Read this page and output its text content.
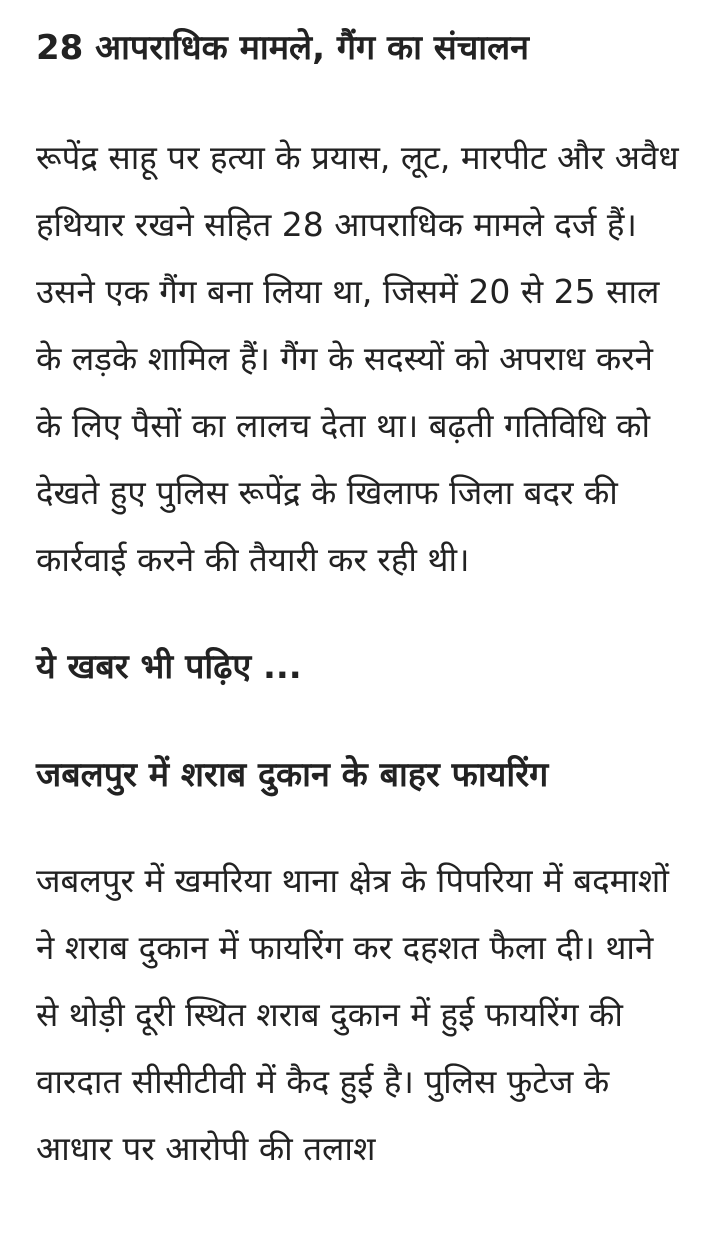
28 आपराधिक मामले, गैंग का संचालन

रूपेंद्र साहू पर हत्या के प्रयास, लूट, मारपीट और अवैध हथियार रखने सहित 28 आपराधिक मामले दर्ज हैं। उसने एक गैंग बना लिया था, जिसमें 20 से 25 साल के लड़के शामिल हैं। गैंग के सदस्यों को अपराध करने के लिए पैसों का लालच देता था। बढ़ती गतिविधि को देखते हुए पुलिस रूपेंद्र के खिलाफ जिला बदर की कार्रवाई करने की तैयारी कर रही थी।

ये खबर भी पढ़िए ...
जबलपुर में शराब दुकान के बाहर फायरिंग

जबलपुर में खमरिया थाना क्षेत्र के पिपरिया में बदमाशों ने शराब दुकान में फायरिंग कर दहशत फैला दी। थाने से थोड़ी दूरी स्थित शराब दुकान में हुई फायरिंग की वारदात सीसीटीवी में कैद हुई है। पुलिस फुटेज के आधार पर आरोपी की तलाश
